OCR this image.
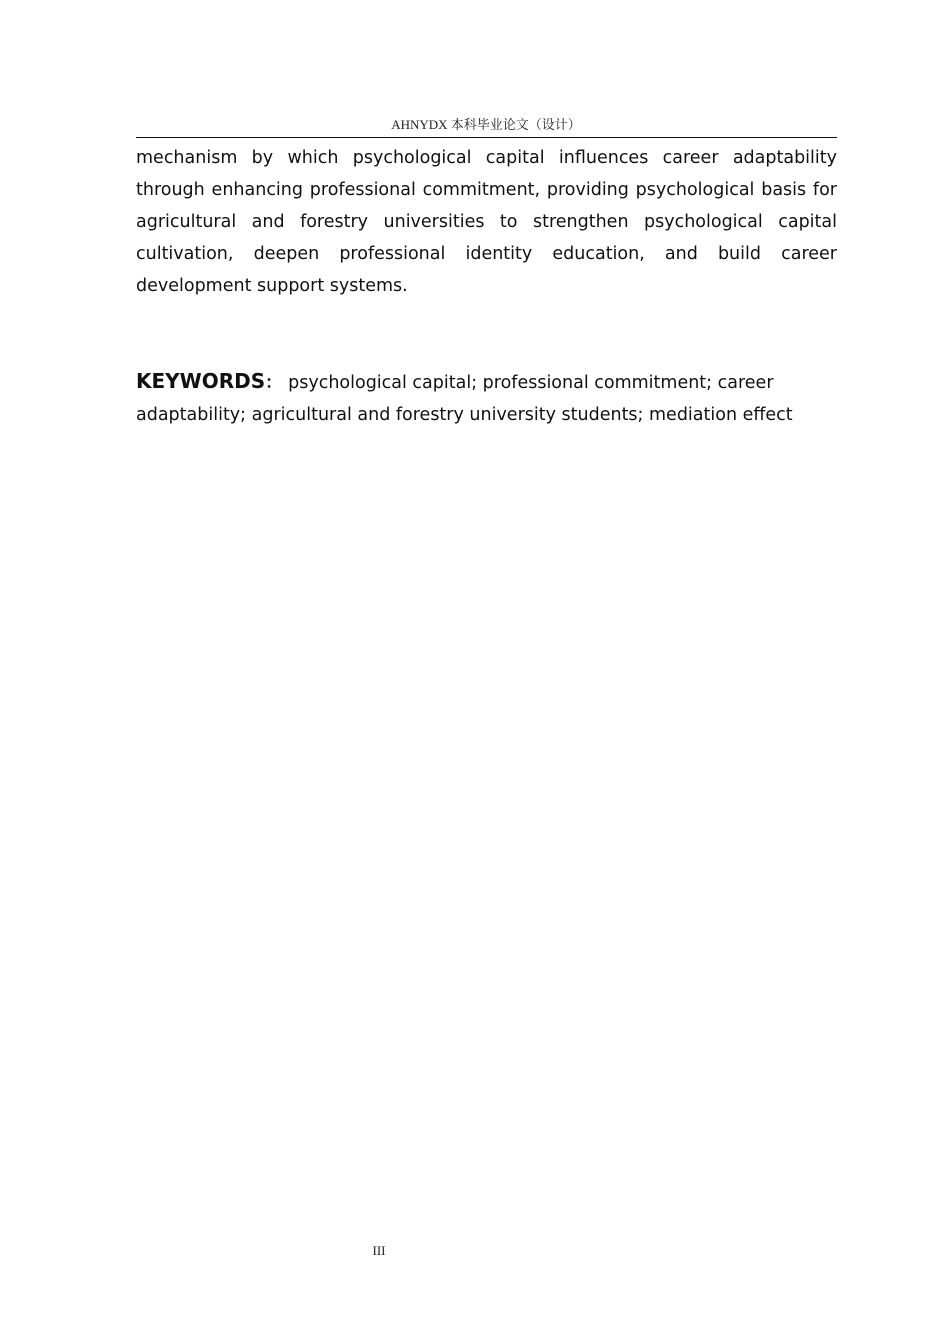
AHNYDX 本科毕业论文（设计）

mechanism by which psychological capital influences career adaptability through enhancing professional commitment, providing psychological basis for agricultural and forestry universities to strengthen psychological capital cultivation, deepen professional identity education, and build career development support systems.

KEYWORDS： psychological capital; professional commitment; career adaptability; agricultural and forestry university students; mediation effect

III
